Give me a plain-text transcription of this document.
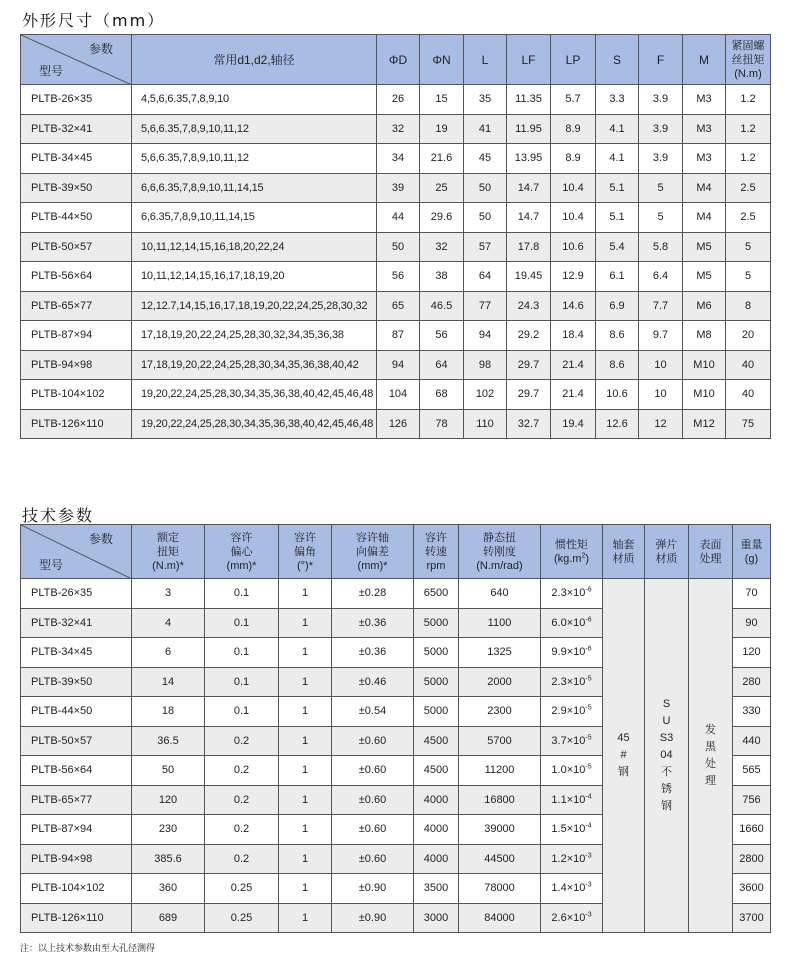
外形尺寸（mm）
参数
型号	常用d1,d2,轴径	ΦD	ΦN	L	LF	LP	S	F	M	紧固螺
丝扭矩
(N.m)

PLTB-26×35	4,5,6,6.35,7,8,9,10	26	15	35	11.35	5.7	3.3	3.9	M3	1.2
PLTB-32×41	5,6,6.35,7,8,9,10,11,12	32	19	41	11.95	8.9	4.1	3.9	M3	1.2
PLTB-34×45	5,6,6.35,7,8,9,10,11,12	34	21.6	45	13.95	8.9	4.1	3.9	M3	1.2
PLTB-39×50	6,6,6.35,7,8,9,10,11,14,15	39	25	50	14.7	10.4	5.1	5	M4	2.5
PLTB-44×50	6,6.35,7,8,9,10,11,14,15	44	29.6	50	14.7	10.4	5.1	5	M4	2.5
PLTB-50×57	10,11,12,14,15,16,18,20,22,24	50	32	57	17.8	10.6	5.4	5.8	M5	5
PLTB-56×64	10,11,12,14,15,16,17,18,19,20	56	38	64	19.45	12.9	6.1	6.4	M5	5
PLTB-65×77	12,12.7,14,15,16,17,18,19,20,22,24,25,28,30,32	65	46.5	77	24.3	14.6	6.9	7.7	M6	8
PLTB-87×94	17,18,19,20,22,24,25,28,30,32,34,35,36,38	87	56	94	29.2	18.4	8.6	9.7	M8	20
PLTB-94×98	17,18,19,20,22,24,25,28,30,34,35,36,38,40,42	94	64	98	29.7	21.4	8.6	10	M10	40
PLTB-104×102	19,20,22,24,25,28,30,34,35,36,38,40,42,45,46,48	104	68	102	29.7	21.4	10.6	10	M10	40
PLTB-126×110	19,20,22,24,25,28,30,34,35,36,38,40,42,45,46,48	126	78	110	32.7	19.4	12.6	12	M12	75
技术参数
参数
型号	额定
扭矩
(N.m)*	容许
偏心
(mm)*	容许
偏角
(°)*	容许轴
向偏差
(mm)*	容许
转速
rpm	静态扭
转刚度
(N.m/rad)	惯性矩
$(kg.m^2)$	轴套
材质	弹片
材质	表面
处理	重量
(g)

PLTB-26×35	3	0.1	1	±0.28	6500	640	$2.3\times 10^{-6}$	45#钢	SUS304不锈钢	发黑处理	70
PLTB-32×41	4	0.1	1	±0.36	5000	1100	$6.0\times 10^{-6}$				90
PLTB-34×45	6	0.1	1	±0.36	5000	1325	$9.9\times 10^{-6}$				120
PLTB-39×50	14	0.1	1	±0.46	5000	2000	$2.3\times 10^{-5}$				280
PLTB-44×50	18	0.1	1	±0.54	5000	2300	$2.9\times 10^{-5}$				330
PLTB-50×57	36.5	0.2	1	±0.60	4500	5700	$3.7\times 10^{-5}$				440
PLTB-56×64	50	0.2	1	±0.60	4500	11200	$1.0\times 10^{-5}$				565
PLTB-65×77	120	0.2	1	±0.60	4000	16800	$1.1\times 10^{-4}$				756
PLTB-87×94	230	0.2	1	±0.60	4000	39000	$1.5\times 10^{-4}$				1660
PLTB-94×98	385.6	0.2	1	±0.60	4000	44500	$1.2\times 10^{-3}$				2800
PLTB-104×102	360	0.25	1	±0.90	3500	78000	$1.4\times 10^{-3}$				3600
PLTB-126×110	689	0.25	1	±0.90	3000	84000	$2.6\times 10^{-3}$				3700
注：以上技术参数由至大孔径测得
